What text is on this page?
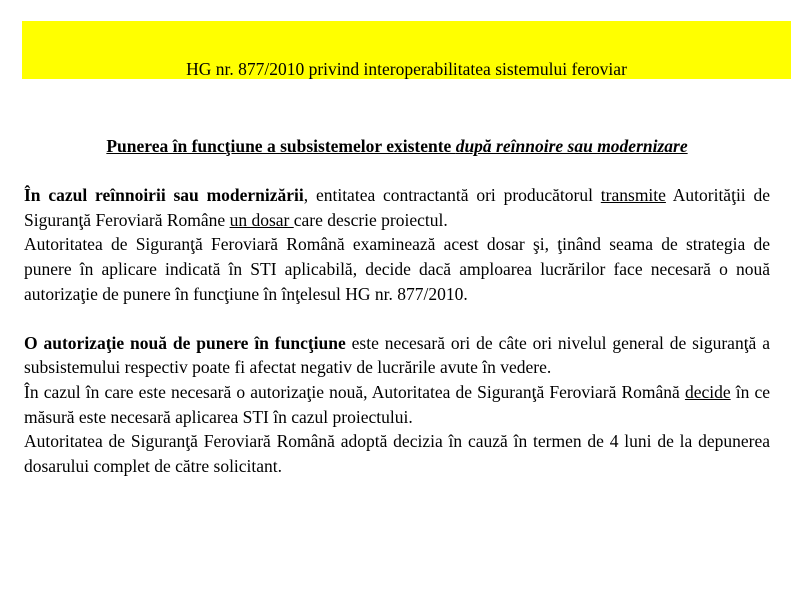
HG nr. 877/2010 privind interoperabilitatea sistemului feroviar

Punerea în funcţiune a subsistemelor existente după reînnoire sau modernizare

În cazul reînnoirii sau modernizării, entitatea contractantă ori producătorul transmite Autorităţii de Siguranţă Feroviară Române un dosar care descrie proiectul.

Autoritatea de Siguranţă Feroviară Română examinează acest dosar şi, ţinând seama de strategia de punere în aplicare indicată în STI aplicabilă, decide dacă amploarea lucrărilor face necesară o nouă autorizaţie de punere în funcţiune în înţelesul HG nr. 877/2010.

O autorizaţie nouă de punere în funcţiune este necesară ori de câte ori nivelul general de siguranţă a subsistemului respectiv poate fi afectat negativ de lucrările avute în vedere.

În cazul în care este necesară o autorizaţie nouă, Autoritatea de Siguranţă Feroviară Română decide în ce măsură este necesară aplicarea STI în cazul proiectului.

Autoritatea de Siguranţă Feroviară Română adoptă decizia în cauză în termen de 4 luni de la depunerea dosarului complet de către solicitant.
